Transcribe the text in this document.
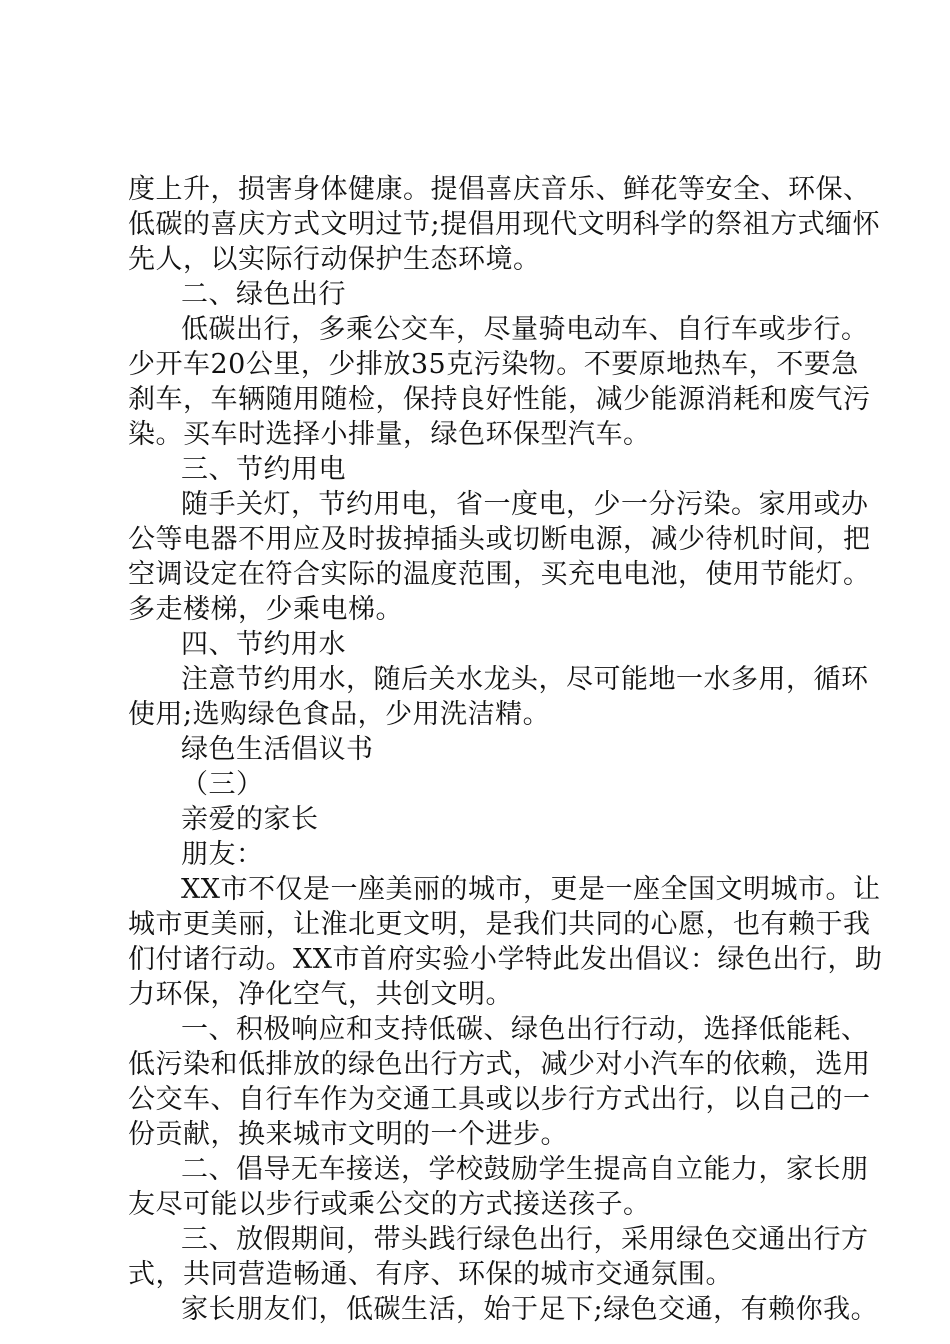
度上升，损害身体健康。提倡喜庆音乐、鲜花等安全、环保、
低碳的喜庆方式文明过节;提倡用现代文明科学的祭祖方式缅怀
先人，以实际行动保护生态环境。
二、绿色出行
低碳出行，多乘公交车，尽量骑电动车、自行车或步行。
少开车20公里，少排放35克污染物。不要原地热车，不要急
刹车，车辆随用随检，保持良好性能，减少能源消耗和废气污
染。买车时选择小排量，绿色环保型汽车。
三、节约用电
随手关灯，节约用电，省一度电，少一分污染。家用或办
公等电器不用应及时拔掉插头或切断电源，减少待机时间，把
空调设定在符合实际的温度范围，买充电电池，使用节能灯。
多走楼梯，少乘电梯。
四、节约用水
注意节约用水，随后关水龙头，尽可能地一水多用，循环
使用;选购绿色食品，少用洗洁精。
绿色生活倡议书
（三）
亲爱的家长
朋友：
XX市不仅是一座美丽的城市，更是一座全国文明城市。让
城市更美丽，让淮北更文明，是我们共同的心愿，也有赖于我
们付诸行动。XX市首府实验小学特此发出倡议：绿色出行，助
力环保，净化空气，共创文明。
一、积极响应和支持低碳、绿色出行行动，选择低能耗、
低污染和低排放的绿色出行方式，减少对小汽车的依赖，选用
公交车、自行车作为交通工具或以步行方式出行，以自己的一
份贡献，换来城市文明的一个进步。
二、倡导无车接送，学校鼓励学生提高自立能力，家长朋
友尽可能以步行或乘公交的方式接送孩子。
三、放假期间，带头践行绿色出行，采用绿色交通出行方
式，共同营造畅通、有序、环保的城市交通氛围。
家长朋友们，低碳生活，始于足下;绿色交通，有赖你我。
